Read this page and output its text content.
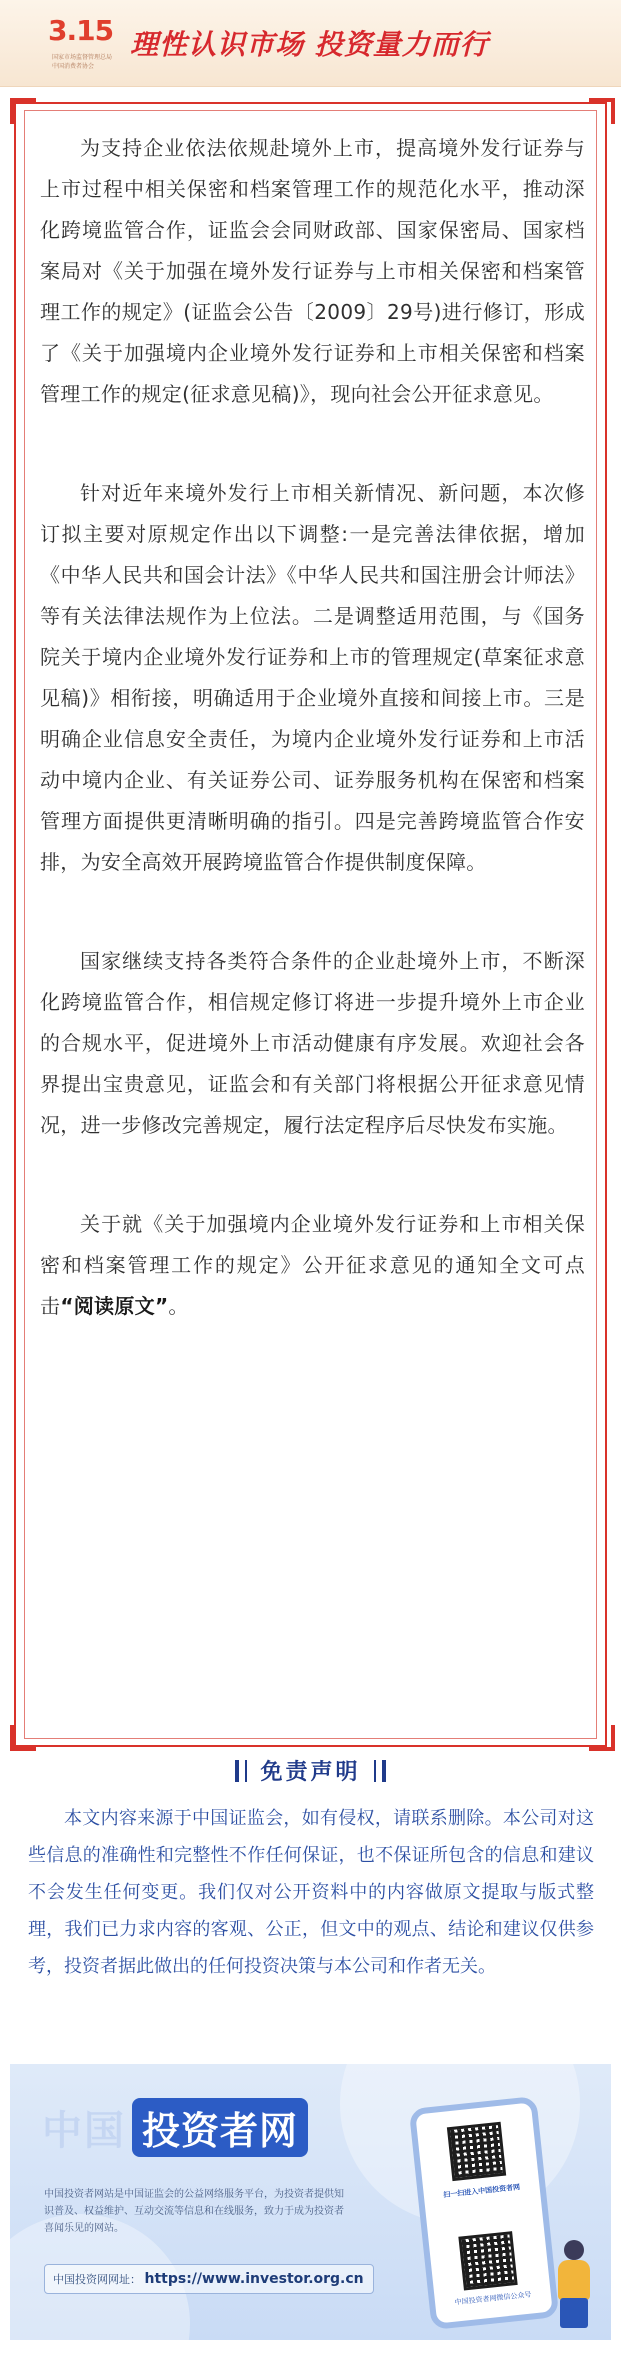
3.15
国家市场监督管理总局
中国消费者协会
理性认识市场 投资量力而行

为支持企业依法依规赴境外上市，提高境外发行证券与上市过程中相关保密和档案管理工作的规范化水平，推动深化跨境监管合作，证监会会同财政部、国家保密局、国家档案局对《关于加强在境外发行证券与上市相关保密和档案管理工作的规定》(证监会公告〔2009〕29号)进行修订，形成了《关于加强境内企业境外发行证券和上市相关保密和档案管理工作的规定(征求意见稿)》，现向社会公开征求意见。

针对近年来境外发行上市相关新情况、新问题，本次修订拟主要对原规定作出以下调整:一是完善法律依据，增加《中华人民共和国会计法》《中华人民共和国注册会计师法》等有关法律法规作为上位法。二是调整适用范围，与《国务院关于境内企业境外发行证券和上市的管理规定(草案征求意见稿)》相衔接，明确适用于企业境外直接和间接上市。三是明确企业信息安全责任，为境内企业境外发行证券和上市活动中境内企业、有关证券公司、证券服务机构在保密和档案管理方面提供更清晰明确的指引。四是完善跨境监管合作安排，为安全高效开展跨境监管合作提供制度保障。

国家继续支持各类符合条件的企业赴境外上市，不断深化跨境监管合作，相信规定修订将进一步提升境外上市企业的合规水平，促进境外上市活动健康有序发展。欢迎社会各界提出宝贵意见，证监会和有关部门将根据公开征求意见情况，进一步修改完善规定，履行法定程序后尽快发布实施。

关于就《关于加强境内企业境外发行证券和上市相关保密和档案管理工作的规定》公开征求意见的通知全文可点击“阅读原文”。

免责声明

本文内容来源于中国证监会，如有侵权，请联系删除。本公司对这些信息的准确性和完整性不作任何保证，也不保证所包含的信息和建议不会发生任何变更。我们仅对公开资料中的内容做原文提取与版式整理，我们已力求内容的客观、公正，但文中的观点、结论和建议仅供参考，投资者据此做出的任何投资决策与本公司和作者无关。

中国 投资者网

中国投资者网站是中国证监会的公益网络服务平台，为投资者提供知识普及、权益维护、互动交流等信息和在线服务，致力于成为投资者喜闻乐见的网站。

中国投资网网址： https://www.investor.org.cn
扫一扫进入中国投资者网
中国投资者网微信公众号
